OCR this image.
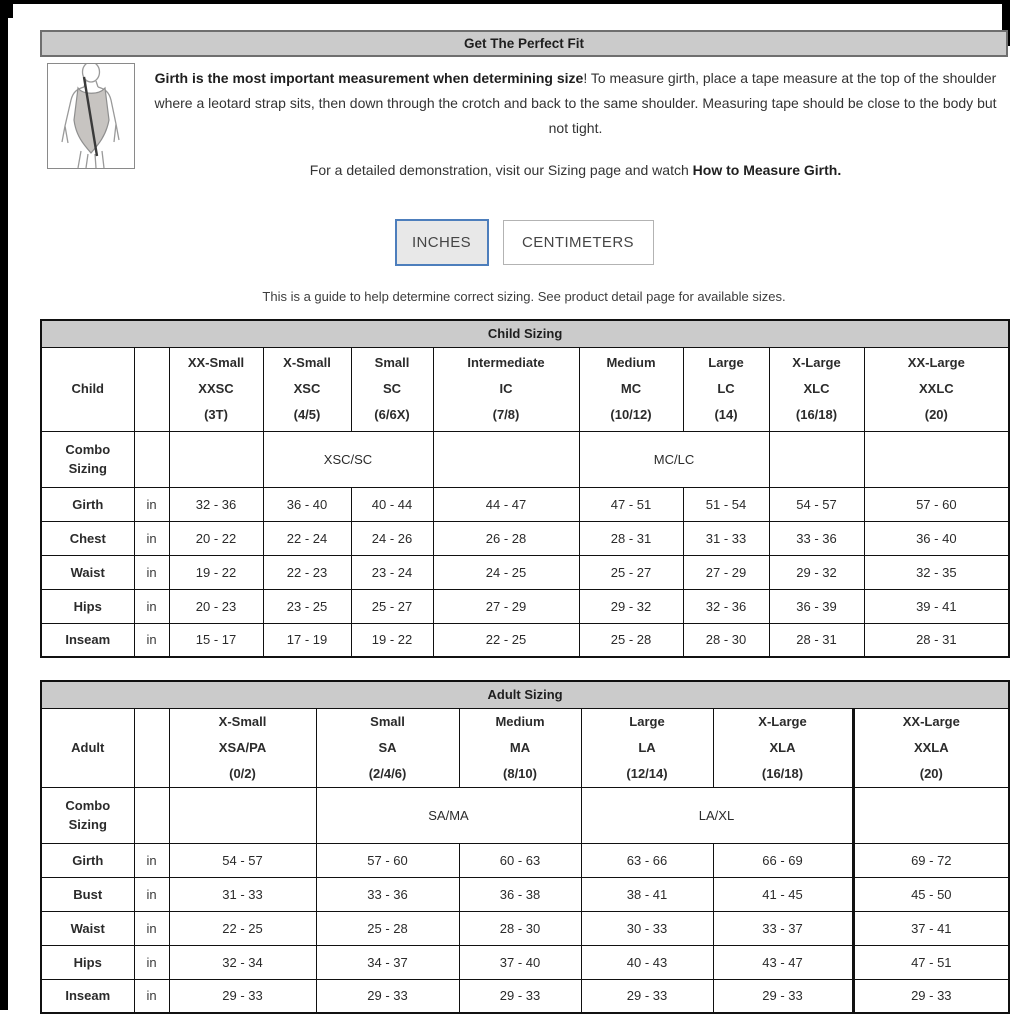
Get The Perfect Fit

Girth is the most important measurement when determining size! To measure girth, place a tape measure at the top of the shoulder where a leotard strap sits, then down through the crotch and back to the same shoulder. Measuring tape should be close to the body but not tight.

For a detailed demonstration, visit our Sizing page and watch How to Measure Girth.

INCHES	CENTIMETERS

This is a guide to help determine correct sizing. See product detail page for available sizes.

Child Sizing									
Child		XX-Small
XXSC
(3T)	X-Small
XSC
(4/5)	Small
SC
(6/6X)	Intermediate
IC
(7/8)	Medium
MC
(10/12)	Large
LC
(14)	X-Large
XLC
(16/18)	XX-Large
XXLC
(20)
Combo Sizing			XSC/SC			MC/LC			
Girth	in	32 - 36	36 - 40	40 - 44	44 - 47	47 - 51	51 - 54	54 - 57	57 - 60
Chest	in	20 - 22	22 - 24	24 - 26	26 - 28	28 - 31	31 - 33	33 - 36	36 - 40
Waist	in	19 - 22	22 - 23	23 - 24	24 - 25	25 - 27	27 - 29	29 - 32	32 - 35
Hips	in	20 - 23	23 - 25	25 - 27	27 - 29	29 - 32	32 - 36	36 - 39	39 - 41
Inseam	in	15 - 17	17 - 19	19 - 22	22 - 25	25 - 28	28 - 30	28 - 31	28 - 31
Adult Sizing							
Adult		X-Small
XSA/PA
(0/2)	Small
SA
(2/4/6)	Medium
MA
(8/10)	Large
LA
(12/14)	X-Large
XLA
(16/18)	XX-Large
XXLA
(20)
Combo Sizing			SA/MA		LA/XL		
Girth	in	54 - 57	57 - 60	60 - 63	63 - 66	66 - 69	69 - 72
Bust	in	31 - 33	33 - 36	36 - 38	38 - 41	41 - 45	45 - 50
Waist	in	22 - 25	25 - 28	28 - 30	30 - 33	33 - 37	37 - 41
Hips	in	32 - 34	34 - 37	37 - 40	40 - 43	43 - 47	47 - 51
Inseam	in	29 - 33	29 - 33	29 - 33	29 - 33	29 - 33	29 - 33
